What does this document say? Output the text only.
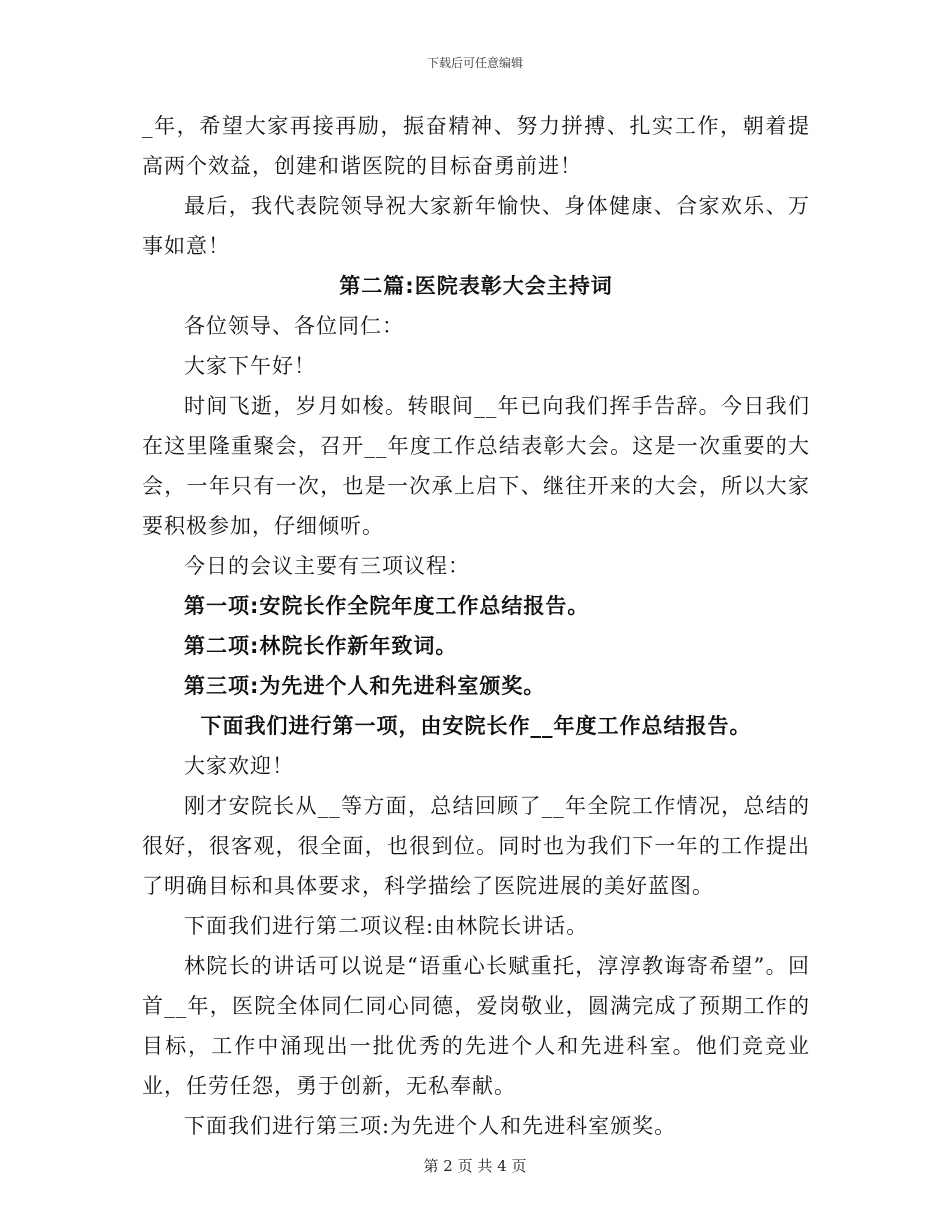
下载后可任意编辑

_年，希望大家再接再励，振奋精神、努力拼搏、扎实工作，朝着提高两个效益，创建和谐医院的目标奋勇前进！

最后，我代表院领导祝大家新年愉快、身体健康、合家欢乐、万事如意！

第二篇:医院表彰大会主持词

各位领导、各位同仁：

大家下午好！

时间飞逝，岁月如梭。转眼间__年已向我们挥手告辞。今日我们在这里隆重聚会，召开__年度工作总结表彰大会。这是一次重要的大会，一年只有一次，也是一次承上启下、继往开来的大会，所以大家要积极参加，仔细倾听。

今日的会议主要有三项议程：

第一项:安院长作全院年度工作总结报告。

第二项:林院长作新年致词。

第三项:为先进个人和先进科室颁奖。

下面我们进行第一项，由安院长作__年度工作总结报告。

大家欢迎！

刚才安院长从__等方面，总结回顾了__年全院工作情况，总结的很好，很客观，很全面，也很到位。同时也为我们下一年的工作提出了明确目标和具体要求，科学描绘了医院进展的美好蓝图。

下面我们进行第二项议程:由林院长讲话。

林院长的讲话可以说是“语重心长赋重托，淳淳教诲寄希望”。回首__年，医院全体同仁同心同德，爱岗敬业，圆满完成了预期工作的目标，工作中涌现出一批优秀的先进个人和先进科室。他们竞竞业业，任劳任怨，勇于创新，无私奉献。

下面我们进行第三项:为先进个人和先进科室颁奖。

第 2 页 共 4 页
